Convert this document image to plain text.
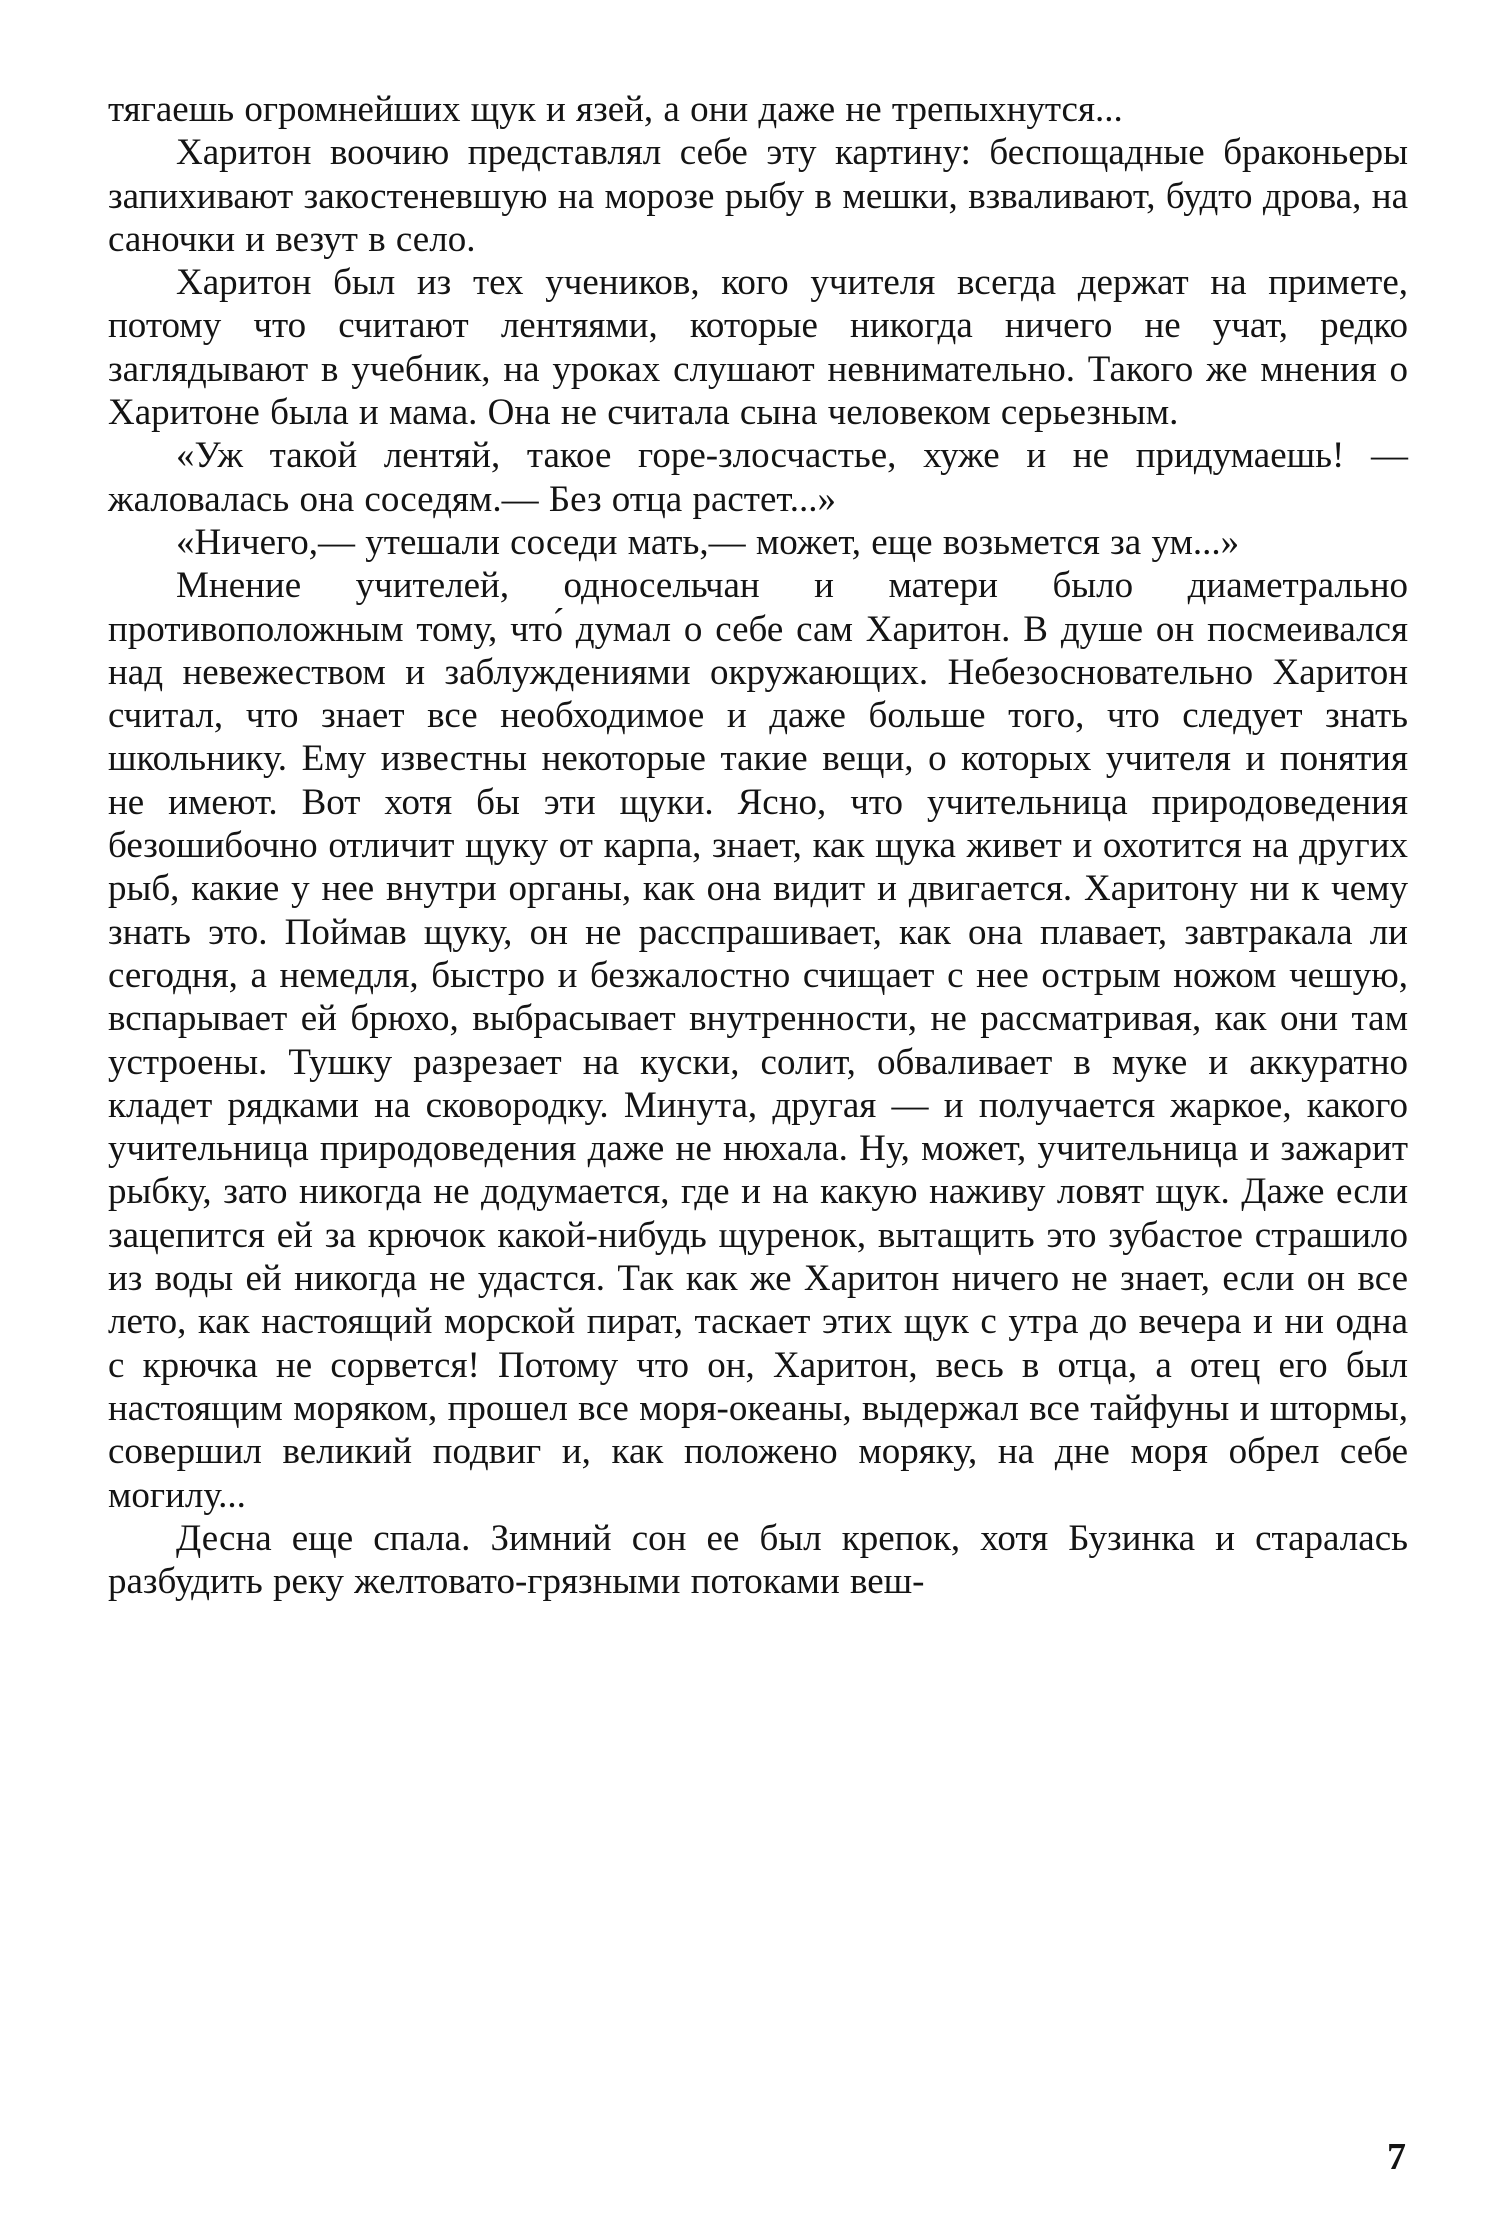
тягаешь огромнейших щук и язей, а они даже не трепыхнутся...

Харитон воочию представлял себе эту картину: беспощадные браконьеры запихивают закостеневшую на морозе рыбу в мешки, взваливают, будто дрова, на саночки и везут в село.

Харитон был из тех учеников, кого учителя всегда держат на примете, потому что считают лентяями, которые никогда ничего не учат, редко заглядывают в учебник, на уроках слушают невнимательно. Такого же мнения о Харитоне была и мама. Она не считала сына человеком серьезным.

«Уж такой лентяй, такое горе-злосчастье, хуже и не придумаешь! — жаловалась она соседям.— Без отца растет...»

«Ничего,— утешали соседи мать,— может, еще возьмется за ум...»

Мнение учителей, односельчан и матери было диаметрально противоположным тому, что́ думал о себе сам Харитон. В душе он посмеивался над невежеством и заблуждениями окружающих. Небезосновательно Харитон считал, что знает все необходимое и даже больше того, что следует знать школьнику. Ему известны некоторые такие вещи, о которых учителя и понятия не имеют. Вот хотя бы эти щуки. Ясно, что учительница природоведения безошибочно отличит щуку от карпа, знает, как щука живет и охотится на других рыб, какие у нее внутри органы, как она видит и двигается. Харитону ни к чему знать это. Поймав щуку, он не расспрашивает, как она плавает, завтракала ли сегодня, а немедля, быстро и безжалостно счищает с нее острым ножом чешую, вспарывает ей брюхо, выбрасывает внутренности, не рассматривая, как они там устроены. Тушку разрезает на куски, солит, обваливает в муке и аккуратно кладет рядками на сковородку. Минута, другая — и получается жаркое, какого учительница природоведения даже не нюхала. Ну, может, учительница и зажарит рыбку, зато никогда не додумается, где и на какую наживу ловят щук. Даже если зацепится ей за крючок какой-нибудь щуренок, вытащить это зубастое страшило из воды ей никогда не удастся. Так как же Харитон ничего не знает, если он все лето, как настоящий морской пират, таскает этих щук с утра до вечера и ни одна с крючка не сорвется! Потому что он, Харитон, весь в отца, а отец его был настоящим моряком, прошел все моря-океаны, выдержал все тайфуны и штормы, совершил великий подвиг и, как положено моряку, на дне моря обрел себе могилу...

Десна еще спала. Зимний сон ее был крепок, хотя Бузинка и старалась разбудить реку желтовато-грязными потоками веш-

7
